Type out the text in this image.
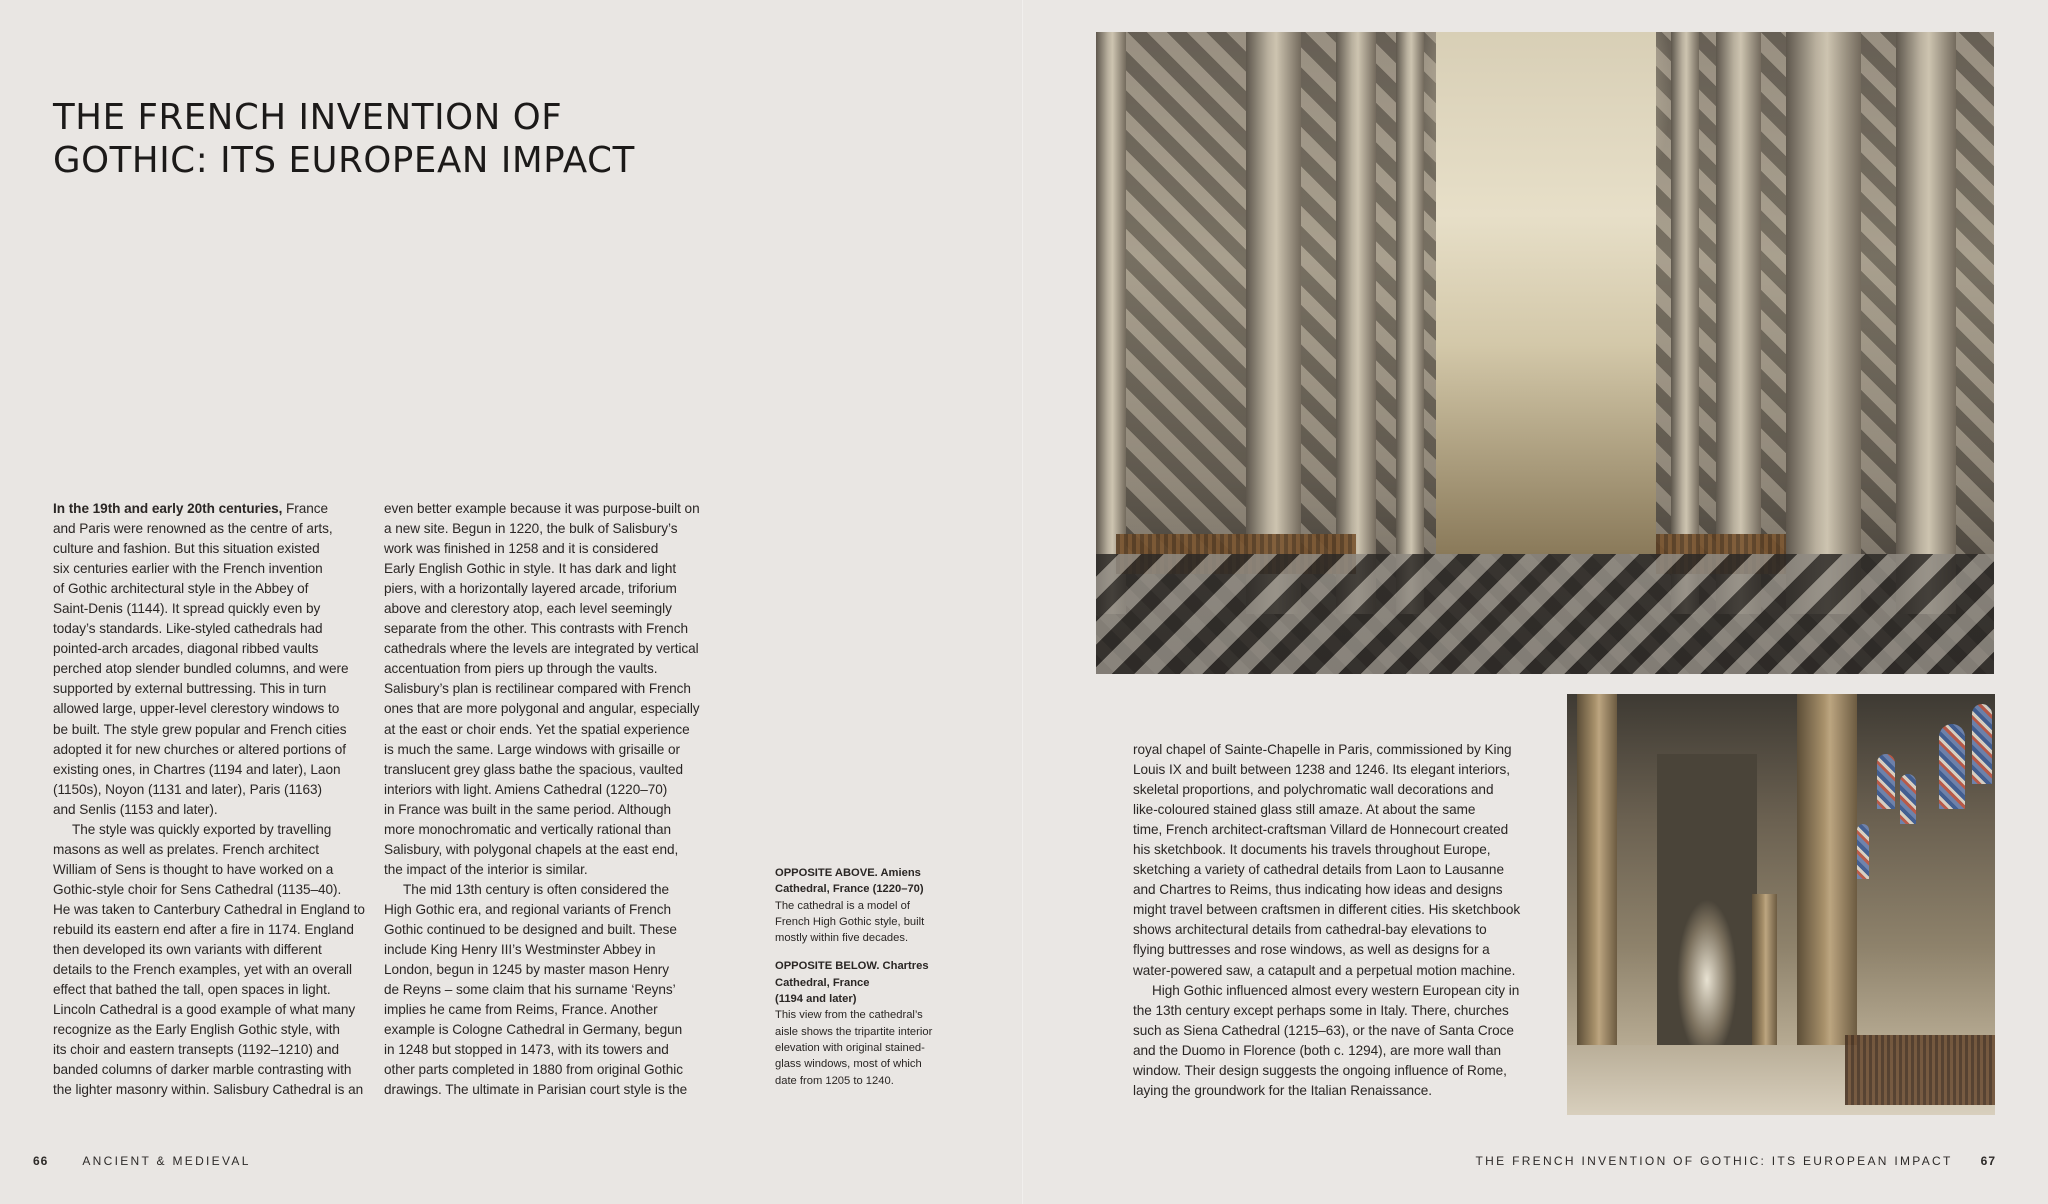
THE FRENCH INVENTION OF
GOTHIC: ITS EUROPEAN IMPACT
In the 19th and early 20th centuries, France
and Paris were renowned as the centre of arts,
culture and fashion. But this situation existed
six centuries earlier with the French invention
of Gothic architectural style in the Abbey of
Saint-Denis (1144). It spread quickly even by
today’s standards. Like-styled cathedrals had
pointed-arch arcades, diagonal ribbed vaults
perched atop slender bundled columns, and were
supported by external buttressing. This in turn
allowed large, upper-level clerestory windows to
be built. The style grew popular and French cities
adopted it for new churches or altered portions of
existing ones, in Chartres (1194 and later), Laon
(1150s), Noyon (1131 and later), Paris (1163)
and Senlis (1153 and later).
The style was quickly exported by travelling
masons as well as prelates. French architect
William of Sens is thought to have worked on a
Gothic-style choir for Sens Cathedral (1135–40).
He was taken to Canterbury Cathedral in England to
rebuild its eastern end after a fire in 1174. England
then developed its own variants with different
details to the French examples, yet with an overall
effect that bathed the tall, open spaces in light.
Lincoln Cathedral is a good example of what many
recognize as the Early English Gothic style, with
its choir and eastern transepts (1192–1210) and
banded columns of darker marble contrasting with
the lighter masonry within. Salisbury Cathedral is an
even better example because it was purpose-built on
a new site. Begun in 1220, the bulk of Salisbury’s
work was finished in 1258 and it is considered
Early English Gothic in style. It has dark and light
piers, with a horizontally layered arcade, triforium
above and clerestory atop, each level seemingly
separate from the other. This contrasts with French
cathedrals where the levels are integrated by vertical
accentuation from piers up through the vaults.
Salisbury’s plan is rectilinear compared with French
ones that are more polygonal and angular, especially
at the east or choir ends. Yet the spatial experience
is much the same. Large windows with grisaille or
translucent grey glass bathe the spacious, vaulted
interiors with light. Amiens Cathedral (1220–70)
in France was built in the same period. Although
more monochromatic and vertically rational than
Salisbury, with polygonal chapels at the east end,
the impact of the interior is similar.
The mid 13th century is often considered the
High Gothic era, and regional variants of French
Gothic continued to be designed and built. These
include King Henry III’s Westminster Abbey in
London, begun in 1245 by master mason Henry
de Reyns – some claim that his surname ‘Reyns’
implies he came from Reims, France. Another
example is Cologne Cathedral in Germany, begun
in 1248 but stopped in 1473, with its towers and
other parts completed in 1880 from original Gothic
drawings. The ultimate in Parisian court style is the
OPPOSITE ABOVE. Amiens
Cathedral, France (1220–70)
The cathedral is a model of
French High Gothic style, built
mostly within five decades.
OPPOSITE BELOW. Chartres
Cathedral, France
(1194 and later)
This view from the cathedral’s
aisle shows the tripartite interior
elevation with original stained-
glass windows, most of which
date from 1205 to 1240.
66	ANCIENT & MEDIEVAL
royal chapel of Sainte-Chapelle in Paris, commissioned by King
Louis IX and built between 1238 and 1246. Its elegant interiors,
skeletal proportions, and polychromatic wall decorations and
like-coloured stained glass still amaze. At about the same
time, French architect-craftsman Villard de Honnecourt created
his sketchbook. It documents his travels throughout Europe,
sketching a variety of cathedral details from Laon to Lausanne
and Chartres to Reims, thus indicating how ideas and designs
might travel between craftsmen in different cities. His sketchbook
shows architectural details from cathedral-bay elevations to
flying buttresses and rose windows, as well as designs for a
water-powered saw, a catapult and a perpetual motion machine.
High Gothic influenced almost every western European city in
the 13th century except perhaps some in Italy. There, churches
such as Siena Cathedral (1215–63), or the nave of Santa Croce
and the Duomo in Florence (both c. 1294), are more wall than
window. Their design suggests the ongoing influence of Rome,
laying the groundwork for the Italian Renaissance.
THE FRENCH INVENTION OF GOTHIC: ITS EUROPEAN IMPACT 67
